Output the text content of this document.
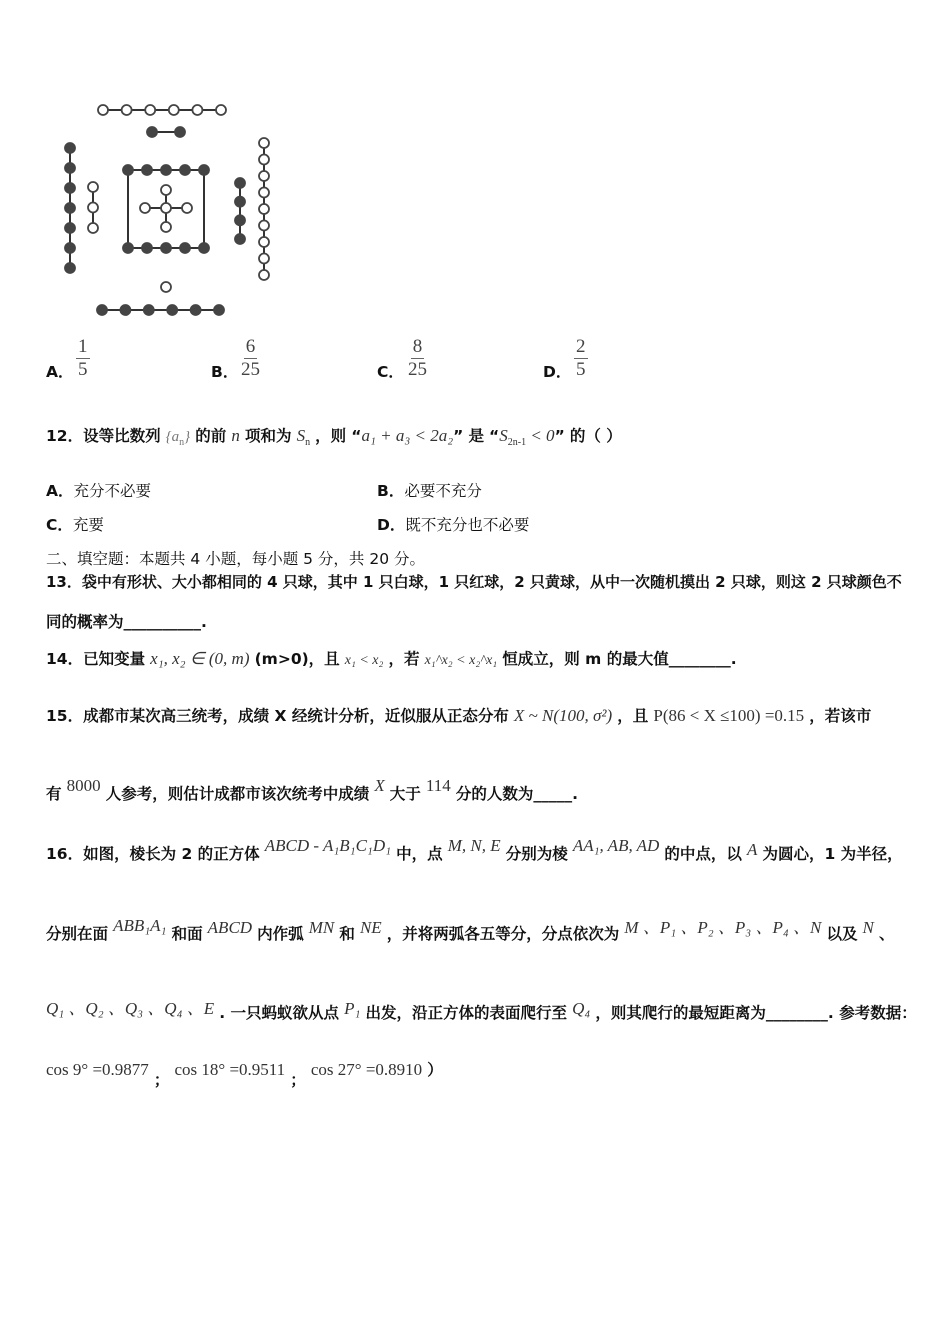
A． $\frac{1}{5}$	B． $\frac{6}{25}$	C． $\frac{8}{25}$	D． $\frac{2}{5}$
12．设等比数列 $\{a_n\}$ 的前 n 项和为 $S_n$ ，则 “a₁ + a₃ < 2a₂” 是 “$S_{2n-1} < 0$” 的（ ）
A．充分不必要	B．必要不充分
C．充要	D．既不充分也不必要
二、填空题：本题共 4 小题，每小题 5 分，共 20 分。
13．袋中有形状、大小都相同的 4 只球，其中 1 只白球，1 只红球，2 只黄球，从中一次随机摸出 2 只球，则这 2 只球颜色不
同的概率为__________.
14．已知变量 x₁, x₂ ∈ (0, m) (m>0)，且 x₁ < x₂ ，若 x₁^x₂ < x₂^x₁ 恒成立，则 m 的最大值________.
15．成都市某次高三统考，成绩 X 经统计分析，近似服从正态分布 X ~ N(100, σ²) ，且 P(86 < X ≤100) =0.15 ，若该市
有 8000 人参考，则估计成都市该次统考中成绩 X 大于 114 分的人数为_____.
16．如图，棱长为 2 的正方体 ABCD - A₁B₁C₁D₁ 中，点 M, N, E 分别为棱 AA₁, AB, AD 的中点，以 A 为圆心，1 为半径，
分别在面 ABB₁A₁ 和面 ABCD 内作弧 MN 和 NE ，并将两弧各五等分，分点依次为 M 、P₁ 、P₂ 、P₃ 、P₄ 、N 以及 N 、
Q₁ 、Q₂ 、Q₃ 、Q₄ 、E . 一只蚂蚁欲从点 P₁ 出发，沿正方体的表面爬行至 Q₄ ，则其爬行的最短距离为________. 参考数据：
cos 9° =0.9877 ； cos 18° =0.9511 ； cos 27° =0.8910 ）
